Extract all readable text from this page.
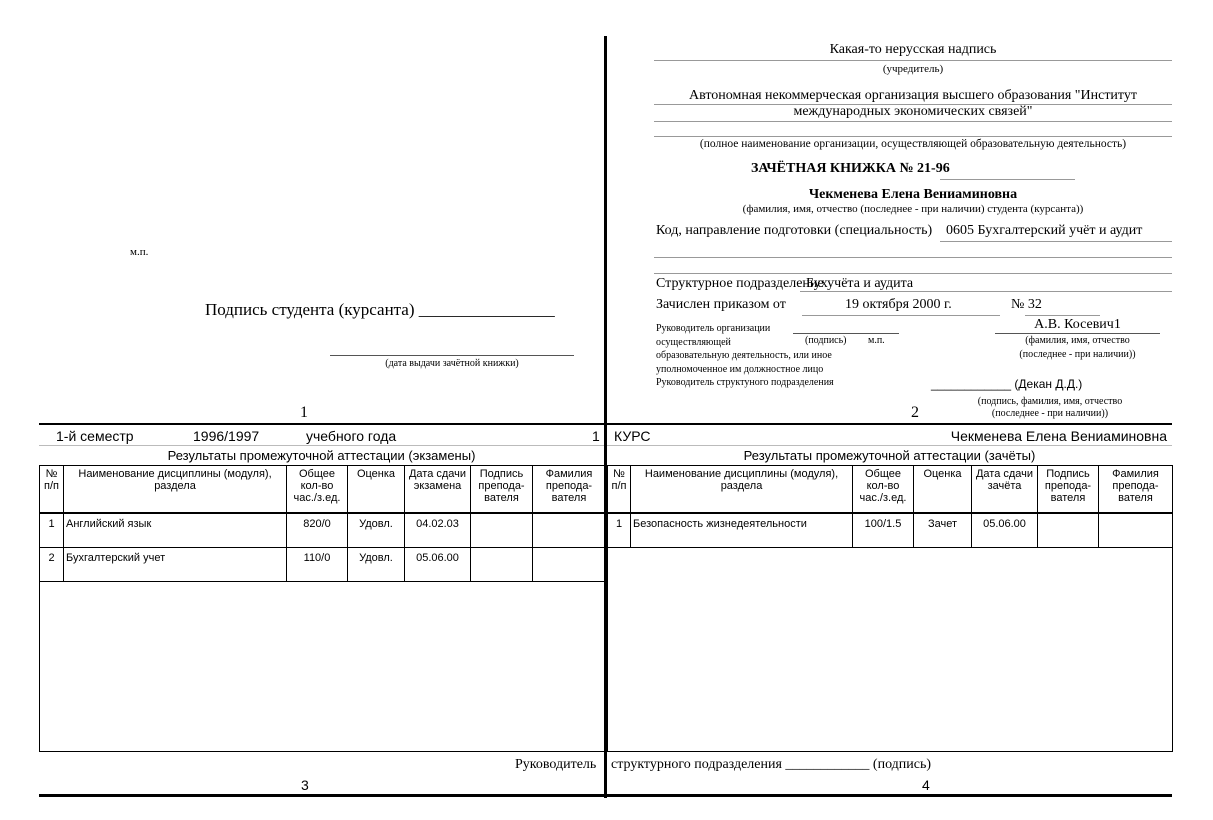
м.п.
Подпись студента (курсанта) ________________
(дата выдачи зачётной книжки)
1
Какая-то нерусская надпись
(учредитель)
Автономная некоммерческая организация высшего образования "Институт международных экономических связей"
(полное наименование организации, осуществляющей образовательную деятельность)
ЗАЧЁТНАЯ КНИЖКА № 21-96
Чекменева Елена Вениаминовна
(фамилия, имя, отчество (последнее - при наличии) студента (курсанта))
Код, направление подготовки (специальность) 0605 Бухгалтерский учёт и аудит
Структурное подразделение
Бухучёта и аудита
Зачислен приказом от	19 октября 2000 г.	№ 32
Руководитель организации
осуществляющей
образовательную деятельность, или иное
уполномоченное им должностное лицо
Руководитель структуного подразделения
(подпись) м.п.
А.В. Косевич1
(фамилия, имя, отчество
(последнее - при наличии))
____________ (Декан Д.Д.)
(подпись, фамилия, имя, отчество
(последнее - при наличии))
2
1-й семестр	1996/1997	учебного года	1
Результаты промежуточной аттестации (экзамены)
№ п/п	Наименование дисциплины (модуля), раздела	Общее кол-во час./з.ед.	Оценка	Дата сдачи экзамена	Подпись препода-вателя	Фамилия препода-вателя
1	Английский язык	820/0	Удовл.	04.02.03		
2	Бухгалтерский учет	110/0	Удовл.	05.06.00		
Руководитель
3
КУРС	Чекменева Елена Вениаминовна
Результаты промежуточной аттестации (зачёты)
№ п/п	Наименование дисциплины (модуля), раздела	Общее кол-во час./з.ед.	Оценка	Дата сдачи зачёта	Подпись препода-вателя	Фамилия препода-вателя
1	Безопасность жизнедеятельности	100/1.5	Зачет	05.06.00		
структурного подразделения ____________ (подпись)
4
